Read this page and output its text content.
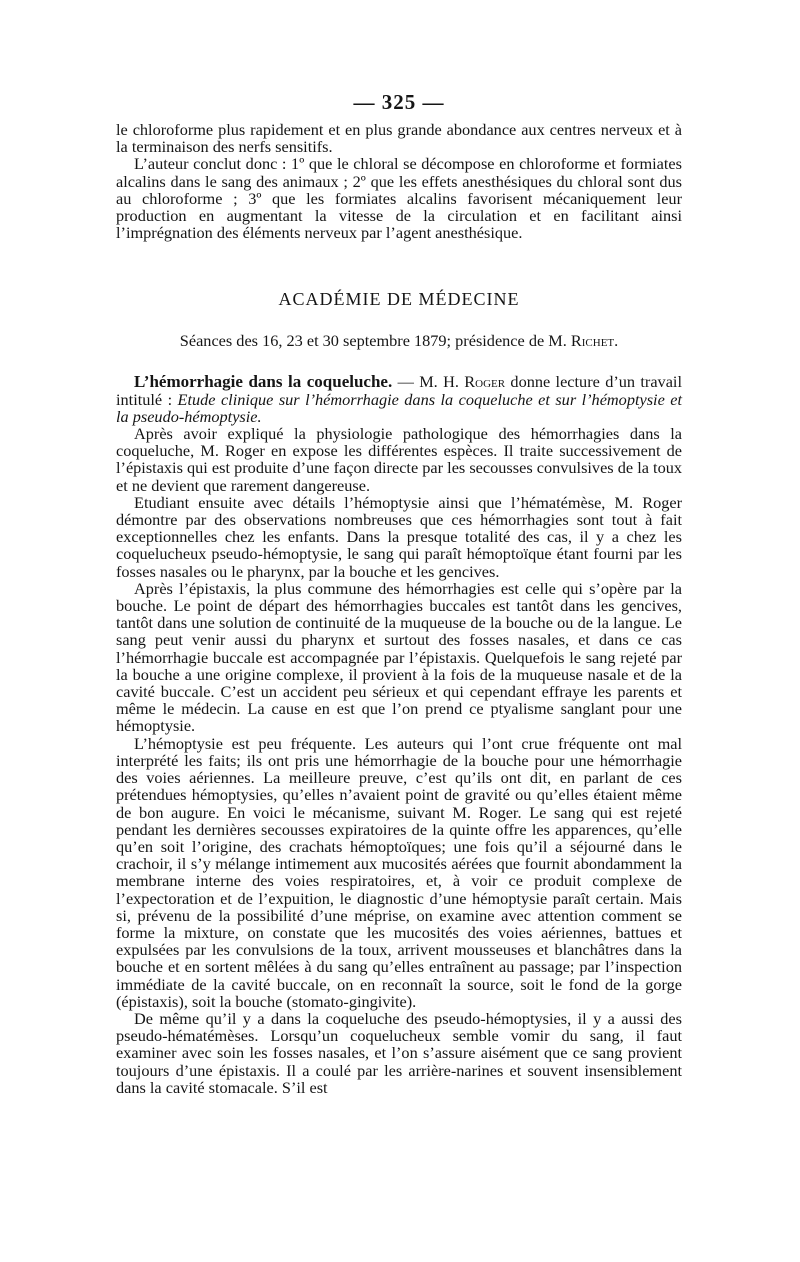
— 325 —

le chloroforme plus rapidement et en plus grande abondance aux centres nerveux et à la terminaison des nerfs sensitifs.

L’auteur conclut donc : 1º que le chloral se décompose en chloroforme et formiates alcalins dans le sang des animaux ; 2º que les effets anesthésiques du chloral sont dus au chloroforme ; 3º que les formiates alcalins favorisent mécaniquement leur production en augmentant la vitesse de la circulation et en facilitant ainsi l’imprégnation des éléments nerveux par l’agent anesthésique.

ACADÉMIE DE MÉDECINE
Séances des 16, 23 et 30 septembre 1879; présidence de M. Richet.

L’hémorrhagie dans la coqueluche. — M. H. Roger donne lecture d’un travail intitulé : Etude clinique sur l’hémorrhagie dans la coqueluche et sur l’hémoptysie et la pseudo-hémoptysie.

Après avoir expliqué la physiologie pathologique des hémorrhagies dans la coqueluche, M. Roger en expose les différentes espèces. Il traite successivement de l’épistaxis qui est produite d’une façon directe par les secousses convulsives de la toux et ne devient que rarement dangereuse.

Etudiant ensuite avec détails l’hémoptysie ainsi que l’hématémèse, M. Roger démontre par des observations nombreuses que ces hémorrhagies sont tout à fait exceptionnelles chez les enfants. Dans la presque totalité des cas, il y a chez les coquelucheux pseudo-hémoptysie, le sang qui paraît hémoptoïque étant fourni par les fosses nasales ou le pharynx, par la bouche et les gencives.

Après l’épistaxis, la plus commune des hémorrhagies est celle qui s’opère par la bouche. Le point de départ des hémorrhagies buccales est tantôt dans les gencives, tantôt dans une solution de continuité de la muqueuse de la bouche ou de la langue. Le sang peut venir aussi du pharynx et surtout des fosses nasales, et dans ce cas l’hémorrhagie buccale est accompagnée par l’épistaxis. Quelquefois le sang rejeté par la bouche a une origine complexe, il provient à la fois de la muqueuse nasale et de la cavité buccale. C’est un accident peu sérieux et qui cependant effraye les parents et même le médecin. La cause en est que l’on prend ce ptyalisme sanglant pour une hémoptysie.

L’hémoptysie est peu fréquente. Les auteurs qui l’ont crue fréquente ont mal interprété les faits; ils ont pris une hémorrhagie de la bouche pour une hémorrhagie des voies aériennes. La meilleure preuve, c’est qu’ils ont dit, en parlant de ces prétendues hémoptysies, qu’elles n’avaient point de gravité ou qu’elles étaient même de bon augure. En voici le mécanisme, suivant M. Roger. Le sang qui est rejeté pendant les dernières secousses expiratoires de la quinte offre les apparences, qu’elle qu’en soit l’origine, des crachats hémoptoïques; une fois qu’il a séjourné dans le crachoir, il s’y mélange intimement aux mucosités aérées que fournit abondamment la membrane interne des voies respiratoires, et, à voir ce produit complexe de l’expectoration et de l’expuition, le diagnostic d’une hémoptysie paraît certain. Mais si, prévenu de la possibilité d’une méprise, on examine avec attention comment se forme la mixture, on constate que les mucosités des voies aériennes, battues et expulsées par les convulsions de la toux, arrivent mousseuses et blanchâtres dans la bouche et en sortent mêlées à du sang qu’elles entraînent au passage; par l’inspection immédiate de la cavité buccale, on en reconnaît la source, soit le fond de la gorge (épistaxis), soit la bouche (stomato-gingivite).

De même qu’il y a dans la coqueluche des pseudo-hémoptysies, il y a aussi des pseudo-hématémèses. Lorsqu’un coquelucheux semble vomir du sang, il faut examiner avec soin les fosses nasales, et l’on s’assure aisément que ce sang provient toujours d’une épistaxis. Il a coulé par les arrière-narines et souvent insensiblement dans la cavité stomacale. S’il est
